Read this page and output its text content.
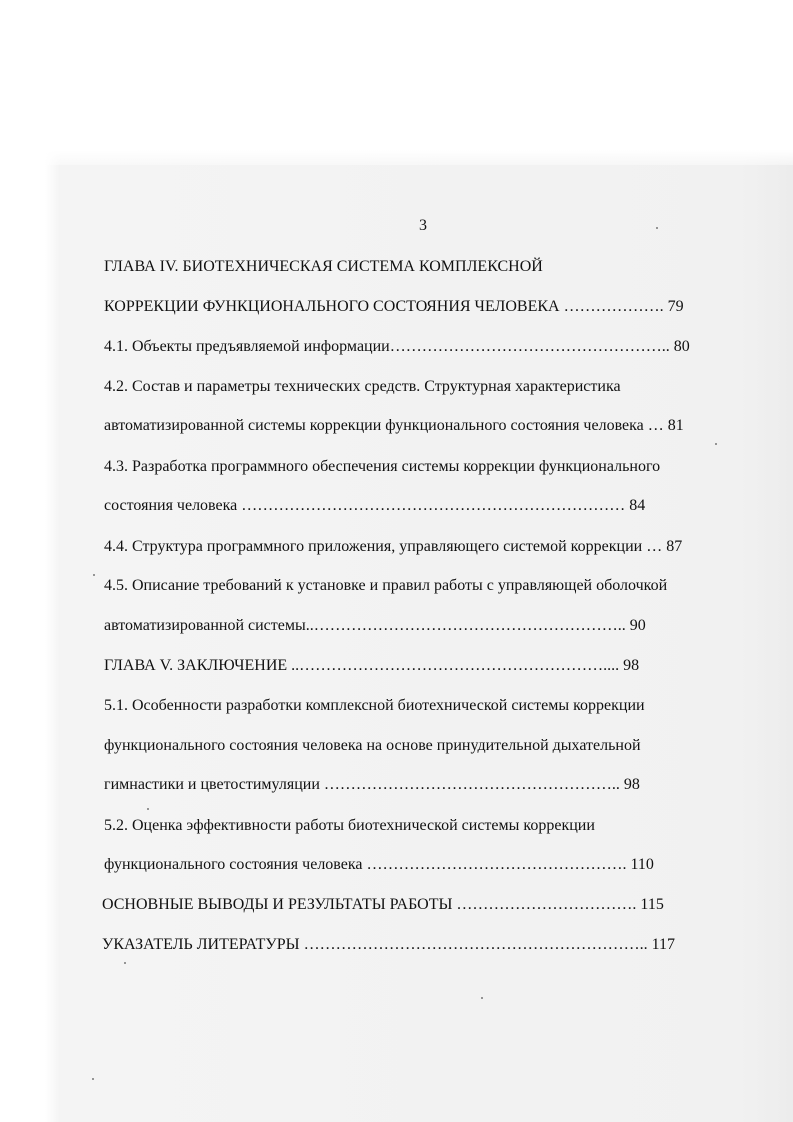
3
ГЛАВА IV. БИОТЕХНИЧЕСКАЯ СИСТЕМА КОМПЛЕКСНОЙ
КОРРЕКЦИИ ФУНКЦИОНАЛЬНОГО СОСТОЯНИЯ ЧЕЛОВЕКА ………………. 79
4.1. Объекты предъявляемой информации…………………………………………….. 80
4.2. Состав и параметры технических средств. Структурная характеристика
автоматизированной системы коррекции функционального состояния человека … 81
4.3. Разработка программного обеспечения системы коррекции функционального
состояния человека ……………………………………………………………… 84
4.4. Структура программного приложения, управляющего системой коррекции … 87
4.5. Описание требований к установке и правил работы с управляющей оболочкой
автоматизированной системы..………………………………………………….. 90
ГЛАВА V. ЗАКЛЮЧЕНИЕ ..………………………………………………….... 98
5.1. Особенности разработки комплексной биотехнической системы коррекции
функционального состояния человека на основе принудительной дыхательной
гимнастики и цветостимуляции ……………………………………………….. 98
5.2. Оценка эффективности работы биотехнической системы коррекции
функционального состояния человека …………………………………………. 110
ОСНОВНЫЕ ВЫВОДЫ И РЕЗУЛЬТАТЫ РАБОТЫ ……………………………. 115
УКАЗАТЕЛЬ ЛИТЕРАТУРЫ ……………………………………………………….. 117
